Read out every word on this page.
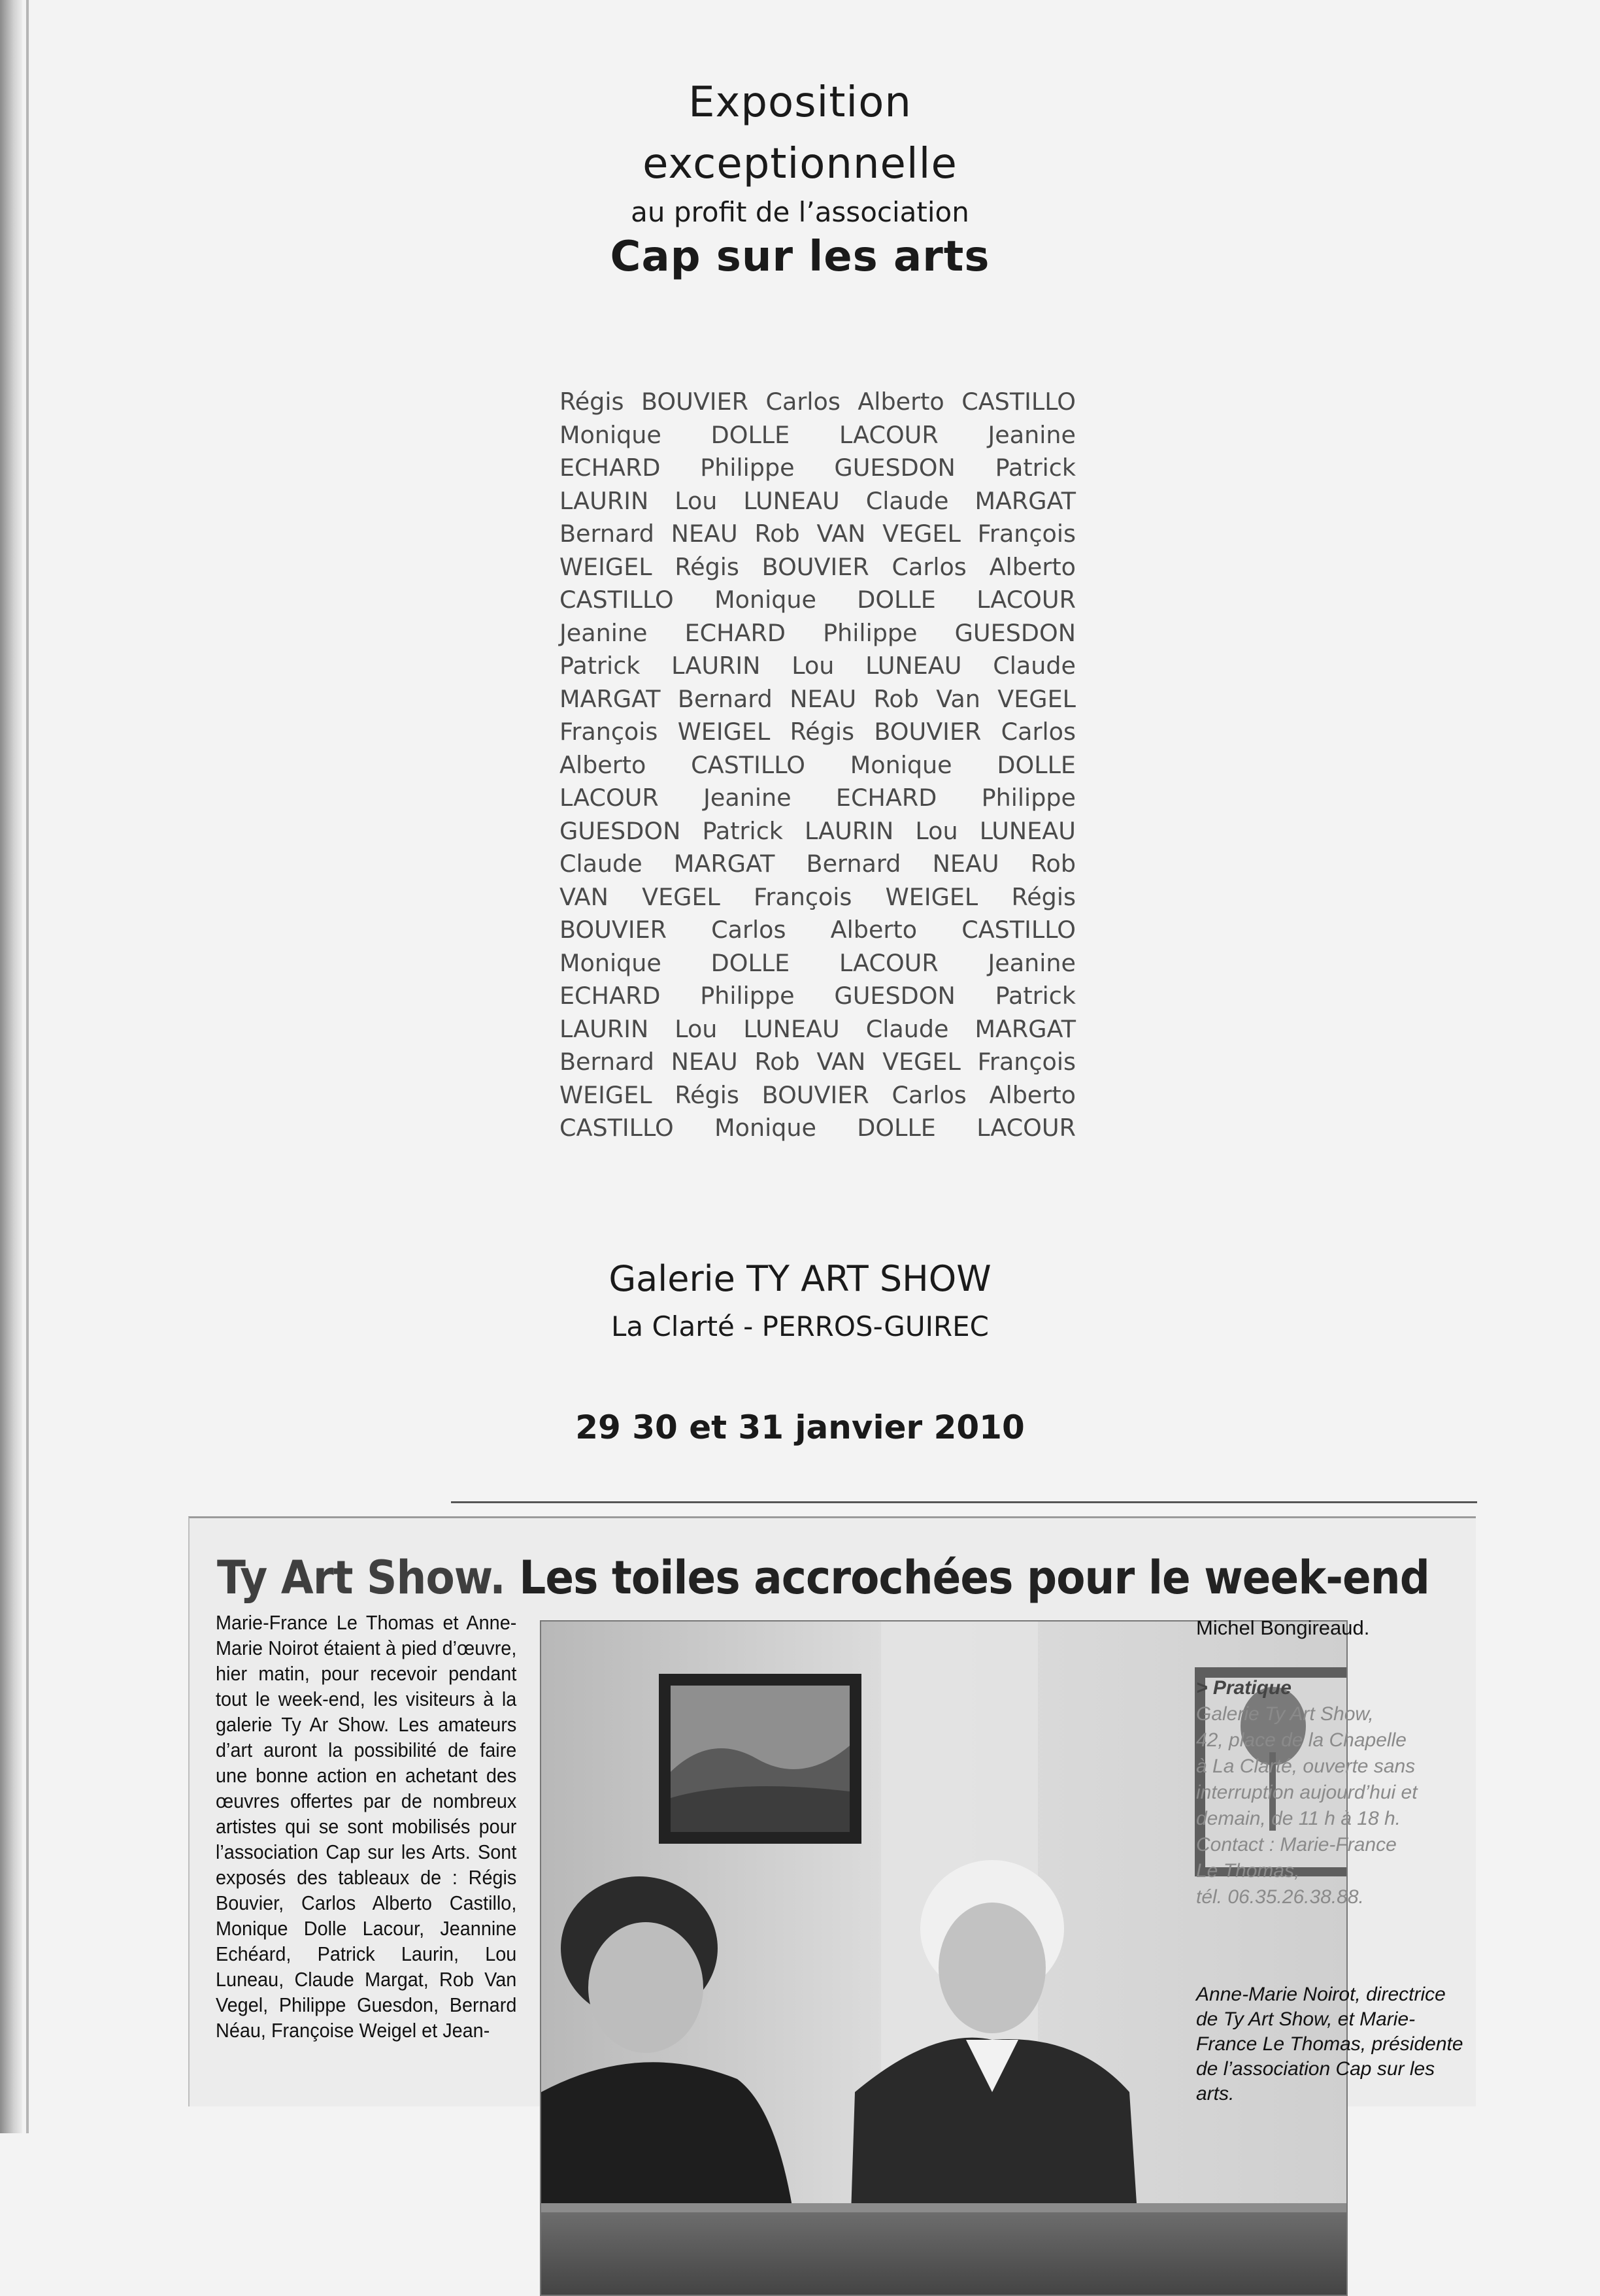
Exposition
exceptionnelle
au profit de l’association
Cap sur les arts
Régis BOUVIER Carlos Alberto CASTILLO
Monique DOLLE LACOUR Jeanine
ECHARD Philippe GUESDON Patrick
LAURIN Lou LUNEAU Claude MARGAT
Bernard NEAU Rob VAN VEGEL François
WEIGEL Régis BOUVIER Carlos Alberto
CASTILLO Monique DOLLE LACOUR
Jeanine ECHARD Philippe GUESDON
Patrick LAURIN Lou LUNEAU Claude
MARGAT Bernard NEAU Rob Van VEGEL
François WEIGEL Régis BOUVIER Carlos
Alberto CASTILLO Monique DOLLE
LACOUR Jeanine ECHARD Philippe
GUESDON Patrick LAURIN Lou LUNEAU
Claude MARGAT Bernard NEAU Rob
VAN VEGEL François WEIGEL Régis
BOUVIER Carlos Alberto CASTILLO
Monique DOLLE LACOUR Jeanine
ECHARD Philippe GUESDON Patrick
LAURIN Lou LUNEAU Claude MARGAT
Bernard NEAU Rob VAN VEGEL François
WEIGEL Régis BOUVIER Carlos Alberto
CASTILLO Monique DOLLE LACOUR
Galerie TY ART SHOW
La Clarté - PERROS-GUIREC
29 30 et 31 janvier 2010
Ty Art Show. Les toiles accrochées pour le week-end
Marie-France Le Thomas et Anne-Marie Noirot étaient à pied d’œuvre, hier matin, pour recevoir pendant tout le week-end, les visiteurs à la galerie Ty Ar Show. Les amateurs d’art auront la possibilité de faire une bonne action en achetant des œuvres offertes par de nombreux artistes qui se sont mobilisés pour l’association Cap sur les Arts. Sont exposés des tableaux de : Régis Bouvier, Carlos Alberto Castillo, Monique Dolle Lacour, Jeannine Echéard, Patrick Laurin, Lou Luneau, Claude Margat, Rob Van Vegel, Philippe Guesdon, Bernard Néau, Françoise Weigel et Jean-
Michel Bongireaud.
> Pratique
Galerie Ty Art Show,
42, place de la Chapelle
à La Clarté, ouverte sans
interruption aujourd’hui et
demain, de 11 h à 18 h.
Contact : Marie-France
Le Thomas,
tél. 06.35.26.38.88.
Anne-Marie Noirot, directrice de Ty Art Show, et Marie-France Le Thomas, présidente de l’association Cap sur les arts.
